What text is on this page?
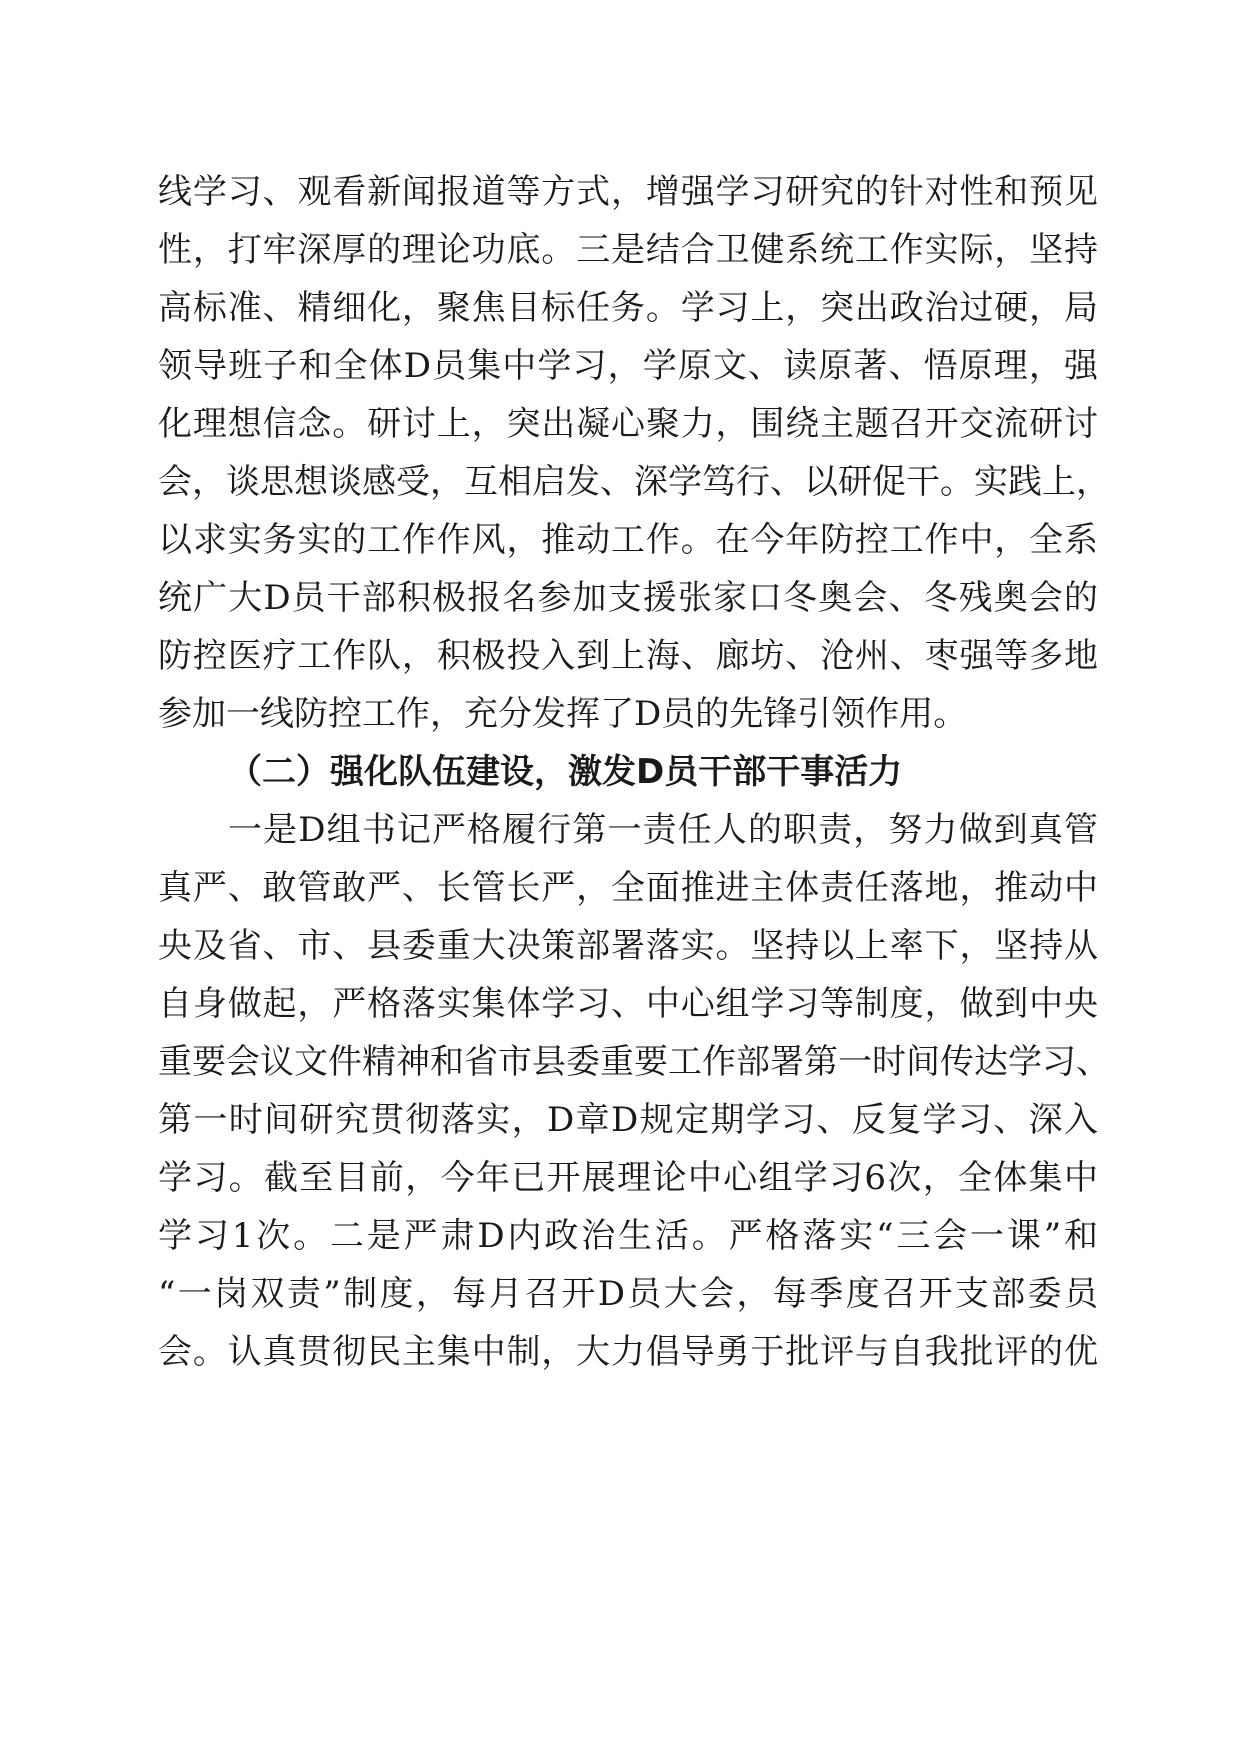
线学习、观看新闻报道等方式，增强学习研究的针对性和预见
性，打牢深厚的理论功底。三是结合卫健系统工作实际，坚持
高标准、精细化，聚焦目标任务。学习上，突出政治过硬，局
领导班子和全体D员集中学习，学原文、读原著、悟原理，强
化理想信念。研讨上，突出凝心聚力，围绕主题召开交流研讨
会，谈思想谈感受，互相启发、深学笃行、以研促干。实践上，
以求实务实的工作作风，推动工作。在今年防控工作中，全系
统广大D员干部积极报名参加支援张家口冬奥会、冬残奥会的
防控医疗工作队，积极投入到上海、廊坊、沧州、枣强等多地
参加一线防控工作，充分发挥了D员的先锋引领作用。
（二）强化队伍建设，激发D员干部干事活力
一是D组书记严格履行第一责任人的职责，努力做到真管
真严、敢管敢严、长管长严，全面推进主体责任落地，推动中
央及省、市、县委重大决策部署落实。坚持以上率下，坚持从
自身做起，严格落实集体学习、中心组学习等制度，做到中央
重要会议文件精神和省市县委重要工作部署第一时间传达学习、
第一时间研究贯彻落实，D章D规定期学习、反复学习、深入
学习。截至目前，今年已开展理论中心组学习6次，全体集中
学习1次。二是严肃D内政治生活。严格落实“三会一课”和
“一岗双责”制度，每月召开D员大会，每季度召开支部委员
会。认真贯彻民主集中制，大力倡导勇于批评与自我批评的优
